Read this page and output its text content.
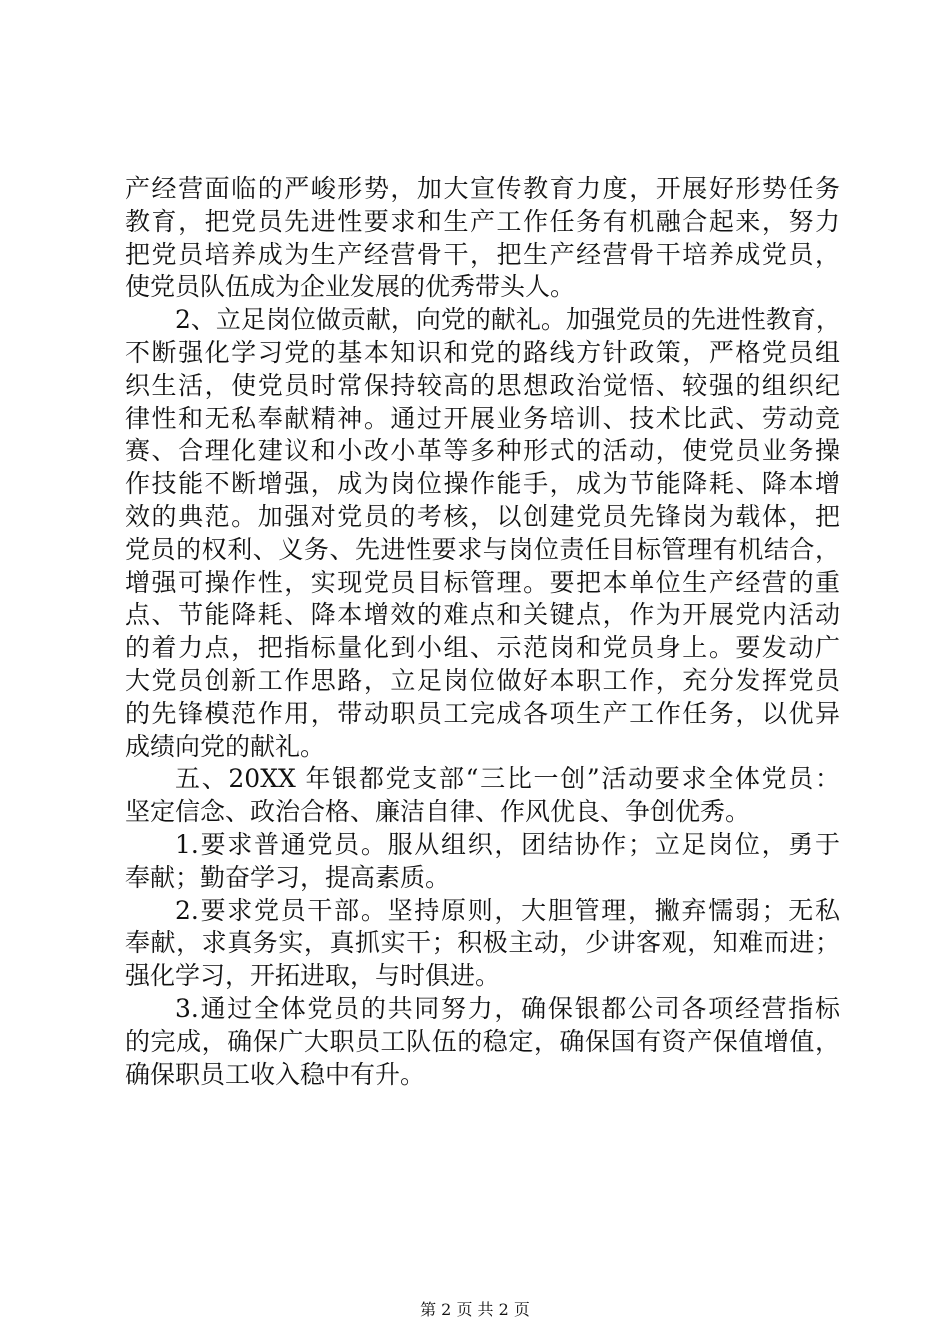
产经营面临的严峻形势，加大宣传教育力度，开展好形势任务
教育，把党员先进性要求和生产工作任务有机融合起来，努力
把党员培养成为生产经营骨干，把生产经营骨干培养成党员，
使党员队伍成为企业发展的优秀带头人。
2、立足岗位做贡献，向党的献礼。加强党员的先进性教育，
不断强化学习党的基本知识和党的路线方针政策，严格党员组
织生活，使党员时常保持较高的思想政治觉悟、较强的组织纪
律性和无私奉献精神。通过开展业务培训、技术比武、劳动竞
赛、合理化建议和小改小革等多种形式的活动，使党员业务操
作技能不断增强，成为岗位操作能手，成为节能降耗、降本增
效的典范。加强对党员的考核，以创建党员先锋岗为载体，把
党员的权利、义务、先进性要求与岗位责任目标管理有机结合，
增强可操作性，实现党员目标管理。要把本单位生产经营的重
点、节能降耗、降本增效的难点和关键点，作为开展党内活动
的着力点，把指标量化到小组、示范岗和党员身上。要发动广
大党员创新工作思路，立足岗位做好本职工作，充分发挥党员
的先锋模范作用，带动职员工完成各项生产工作任务，以优异
成绩向党的献礼。
五、20XX 年银都党支部“三比一创”活动要求全体党员：
坚定信念、政治合格、廉洁自律、作风优良、争创优秀。
1.要求普通党员。服从组织，团结协作；立足岗位，勇于
奉献；勤奋学习，提高素质。
2.要求党员干部。坚持原则，大胆管理，撇弃懦弱；无私
奉献，求真务实，真抓实干；积极主动，少讲客观，知难而进；
强化学习，开拓进取，与时俱进。
3.通过全体党员的共同努力，确保银都公司各项经营指标
的完成，确保广大职员工队伍的稳定，确保国有资产保值增值，
确保职员工收入稳中有升。
第 2 页 共 2 页
